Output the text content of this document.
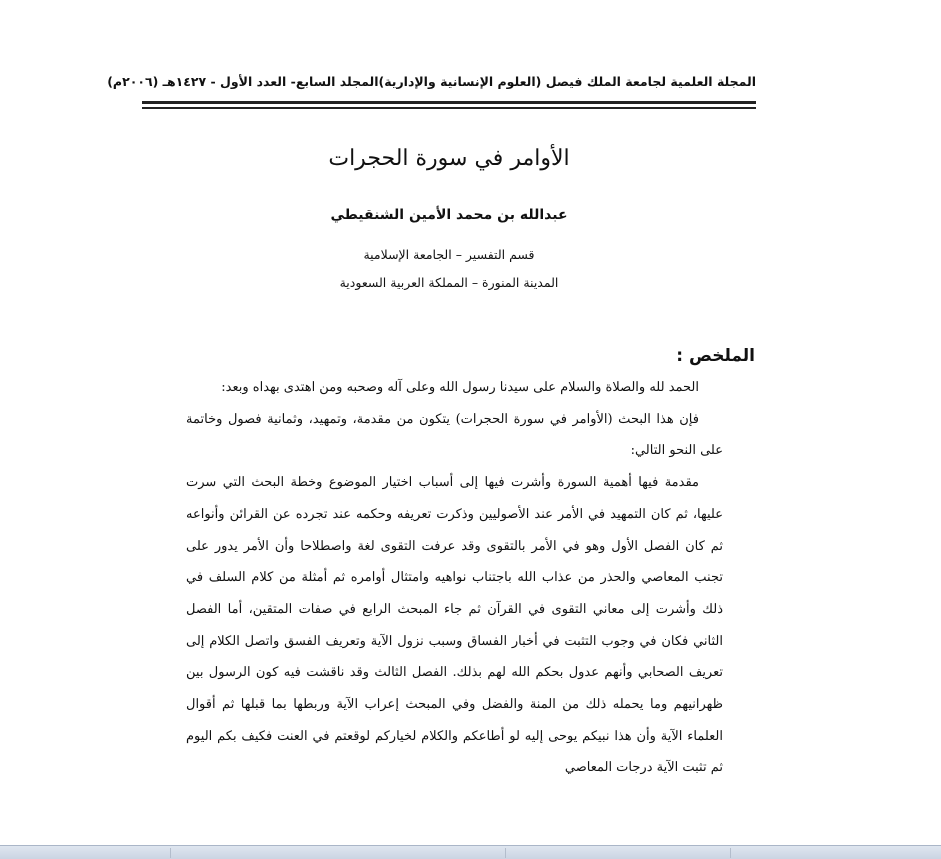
المجلة العلمية لجامعة الملك فيصل (العلوم الإنسانية والإدارية)
المجلد السابع- العدد الأول - ١٤٢٧هـ (٢٠٠٦م)
الأوامر في سورة الحجرات
عبدالله بن محمد الأمين الشنقيطي
قسم التفسير – الجامعة الإسلامية
المدينة المنورة – المملكة العربية السعودية
الملخص :

الحمد لله والصلاة والسلام على سيدنا رسول الله وعلى آله وصحبه ومن اهتدى بهداه وبعد:

فإن هذا البحث (الأوامر في سورة الحجرات) يتكون من مقدمة، وتمهيد، وثمانية فصول وخاتمة على النحو التالي:

مقدمة فيها أهمية السورة وأشرت فيها إلى أسباب اختيار الموضوع وخطة البحث التي سرت عليها، ثم كان التمهيد في الأمر عند الأصوليين وذكرت تعريفه وحكمه عند تجرده عن القرائن وأنواعه ثم كان الفصل الأول وهو في الأمر بالتقوى وقد عرفت التقوى لغة واصطلاحا وأن الأمر يدور على تجنب المعاصي والحذر من عذاب الله باجتناب نواهيه وامتثال أوامره ثم أمثلة من كلام السلف في ذلك وأشرت إلى معاني التقوى في القرآن ثم جاء المبحث الرابع في صفات المتقين، أما الفصل الثاني فكان في وجوب التثبت في أخبار الفساق وسبب نزول الآية وتعريف الفسق واتصل الكلام إلى تعريف الصحابي وأنهم عدول بحكم الله لهم بذلك. الفصل الثالث وقد ناقشت فيه كون الرسول بين ظهرانيهم وما يحمله ذلك من المنة والفضل وفي المبحث إعراب الآية وربطها بما قبلها ثم أقوال العلماء الآية وأن هذا نبيكم يوحى إليه لو أطاعكم والكلام لخياركم لوقعتم في العنت فكيف بكم اليوم ثم تثبت الآية درجات المعاصي
